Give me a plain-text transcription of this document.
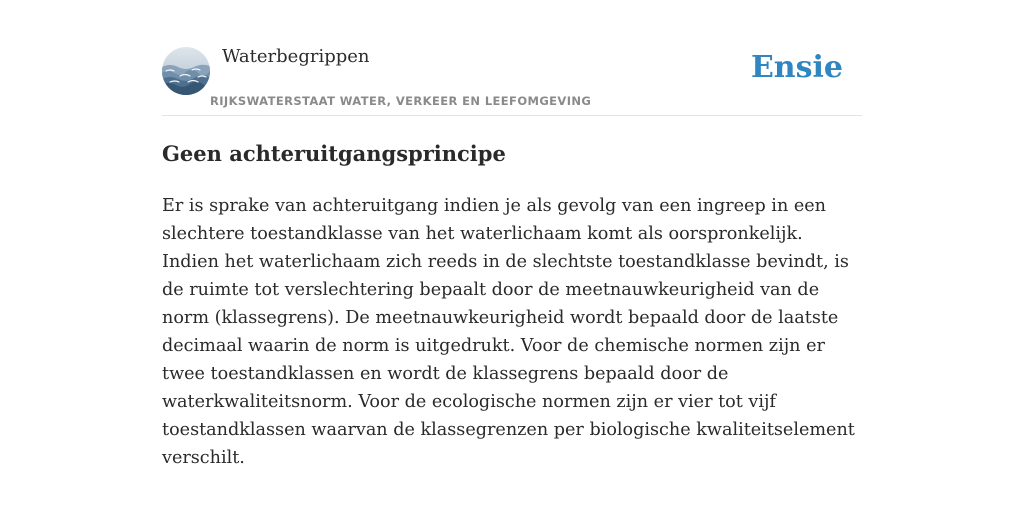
Waterbegrippen
RIJKSWATERSTAAT WATER, VERKEER EN LEEFOMGEVING
Ensie
Geen achteruitgangsprincipe

Er is sprake van achteruitgang indien je als gevolg van een ingreep in een slechtere toestandklasse van het waterlichaam komt als oorspronkelijk. Indien het waterlichaam zich reeds in de slechtste toestandklasse bevindt, is de ruimte tot verslechtering bepaalt door de meetnauwkeurigheid van de norm (klassegrens). De meetnauwkeurigheid wordt bepaald door de laatste decimaal waarin de norm is uitgedrukt. Voor de chemische normen zijn er twee toestandklassen en wordt de klassegrens bepaald door de waterkwaliteitsnorm. Voor de ecologische normen zijn er vier tot vijf toestandklassen waarvan de klassegrenzen per biologische kwaliteitselement verschilt.
